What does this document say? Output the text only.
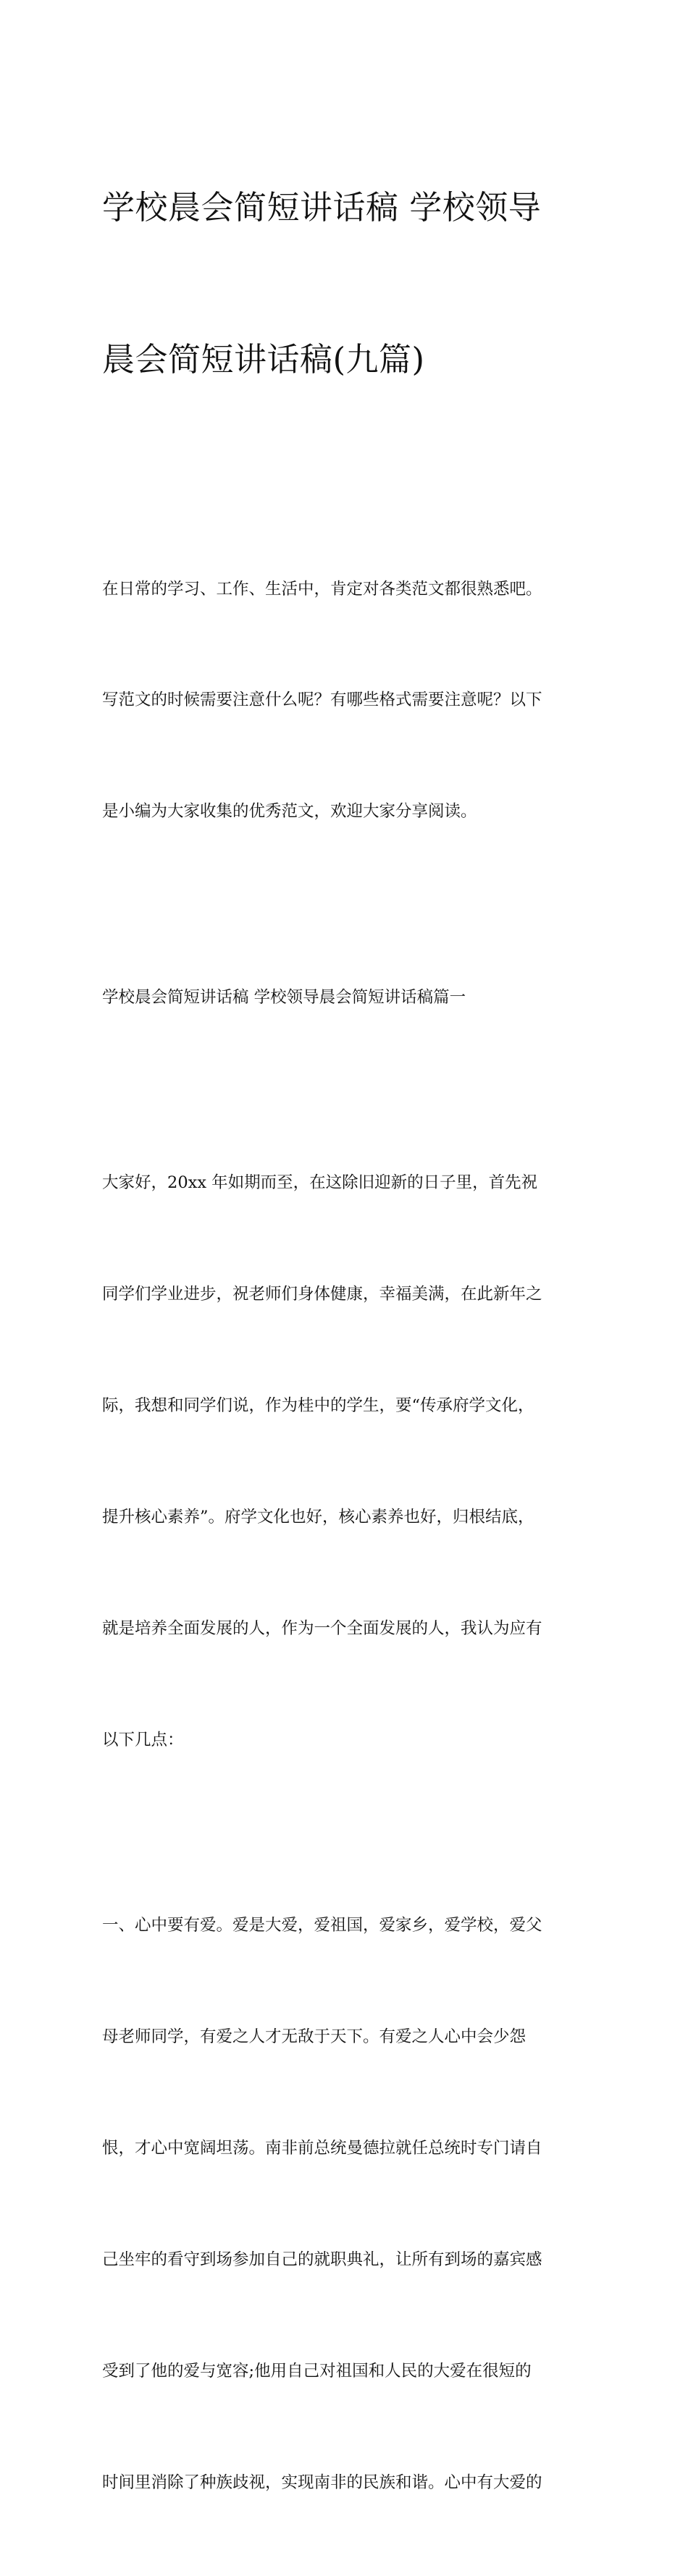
学校晨会简短讲话稿 学校领导

晨会简短讲话稿(九篇)

在日常的学习、工作、生活中，肯定对各类范文都很熟悉吧。

写范文的时候需要注意什么呢？有哪些格式需要注意呢？以下

是小编为大家收集的优秀范文，欢迎大家分享阅读。

学校晨会简短讲话稿 学校领导晨会简短讲话稿篇一

大家好，20xx 年如期而至，在这除旧迎新的日子里，首先祝

同学们学业进步，祝老师们身体健康，幸福美满，在此新年之

际，我想和同学们说，作为桂中的学生，要“传承府学文化，

提升核心素养”。府学文化也好，核心素养也好，归根结底，

就是培养全面发展的人，作为一个全面发展的人，我认为应有

以下几点：

一、心中要有爱。爱是大爱，爱祖国，爱家乡，爱学校，爱父

母老师同学，有爱之人才无敌于天下。有爱之人心中会少怨

恨，才心中宽阔坦荡。南非前总统曼德拉就任总统时专门请自

己坐牢的看守到场参加自己的就职典礼，让所有到场的嘉宾感

受到了他的爱与宽容;他用自己对祖国和人民的大爱在很短的

时间里消除了种族歧视，实现南非的民族和谐。心中有大爱的
